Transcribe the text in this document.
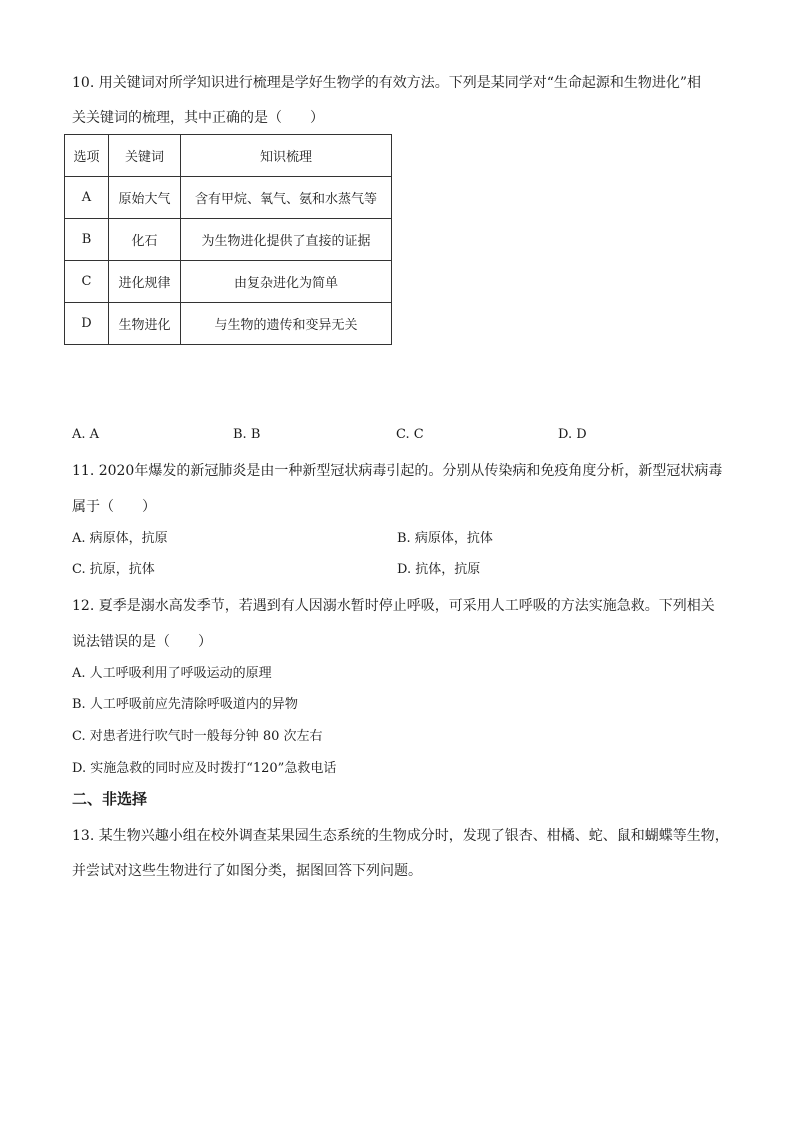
10. 用关键词对所学知识进行梳理是学好生物学的有效方法。下列是某同学对“生命起源和生物进化”相
关关键词的梳理，其中正确的是（　　）
选项	关键词	知识梳理
A	原始大气	含有甲烷、氧气、氨和水蒸气等
B	化石	为生物进化提供了直接的证据
C	进化规律	由复杂进化为简单
D	生物进化	与生物的遗传和变异无关
A. A	B. B	C. C	D. D
11. 2020年爆发的新冠肺炎是由一种新型冠状病毒引起的。分别从传染病和免疫角度分析，新型冠状病毒
属于（　　）
A. 病原体，抗原	B. 病原体，抗体
C. 抗原，抗体	D. 抗体，抗原
12. 夏季是溺水高发季节，若遇到有人因溺水暂时停止呼吸，可采用人工呼吸的方法实施急救。下列相关
说法错误的是（　　）
A. 人工呼吸利用了呼吸运动的原理
B. 人工呼吸前应先清除呼吸道内的异物
C. 对患者进行吹气时一般每分钟 80 次左右
D. 实施急救的同时应及时拨打“120”急救电话
二、非选择
13. 某生物兴趣小组在校外调查某果园生态系统的生物成分时，发现了银杏、柑橘、蛇、鼠和蝴蝶等生物，
并尝试对这些生物进行了如图分类，据图回答下列问题。
